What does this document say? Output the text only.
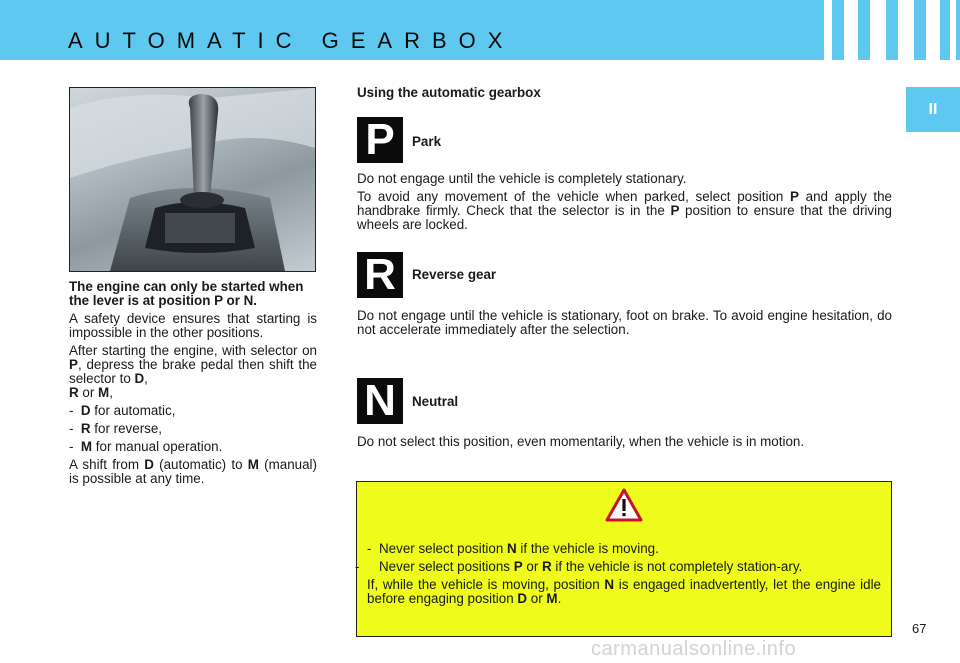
AUTOMATIC GEARBOX
II

The engine can only be started when the lever is at position P or N.

A safety device ensures that starting is impossible in the other positions.

After starting the engine, with selector on P, depress the brake pedal then shift the selector to D,
R or M,

-  D for automatic,

-  R for reverse,

-  M for manual operation.

A shift from D (automatic) to M (manual) is possible at any time.

Using the automatic gearbox
P	Park

Do not engage until the vehicle is completely stationary.

To avoid any movement of the vehicle when parked, select position P and apply the handbrake firmly. Check that the selector is in the P position to ensure that the driving wheels are locked.

R	Reverse gear

Do not engage until the vehicle is stationary, foot on brake. To avoid engine hesitation, do not accelerate immediately after the selection.

N	Neutral

Do not select this position, even momentarily, when the vehicle is in motion.

- Never select position N if the vehicle is moving.

- Never select positions P or R if the vehicle is not completely station-ary.

If, while the vehicle is moving, position N is engaged inadvertently, let the engine idle before engaging position D or M.

67
carmanualsonline.info
